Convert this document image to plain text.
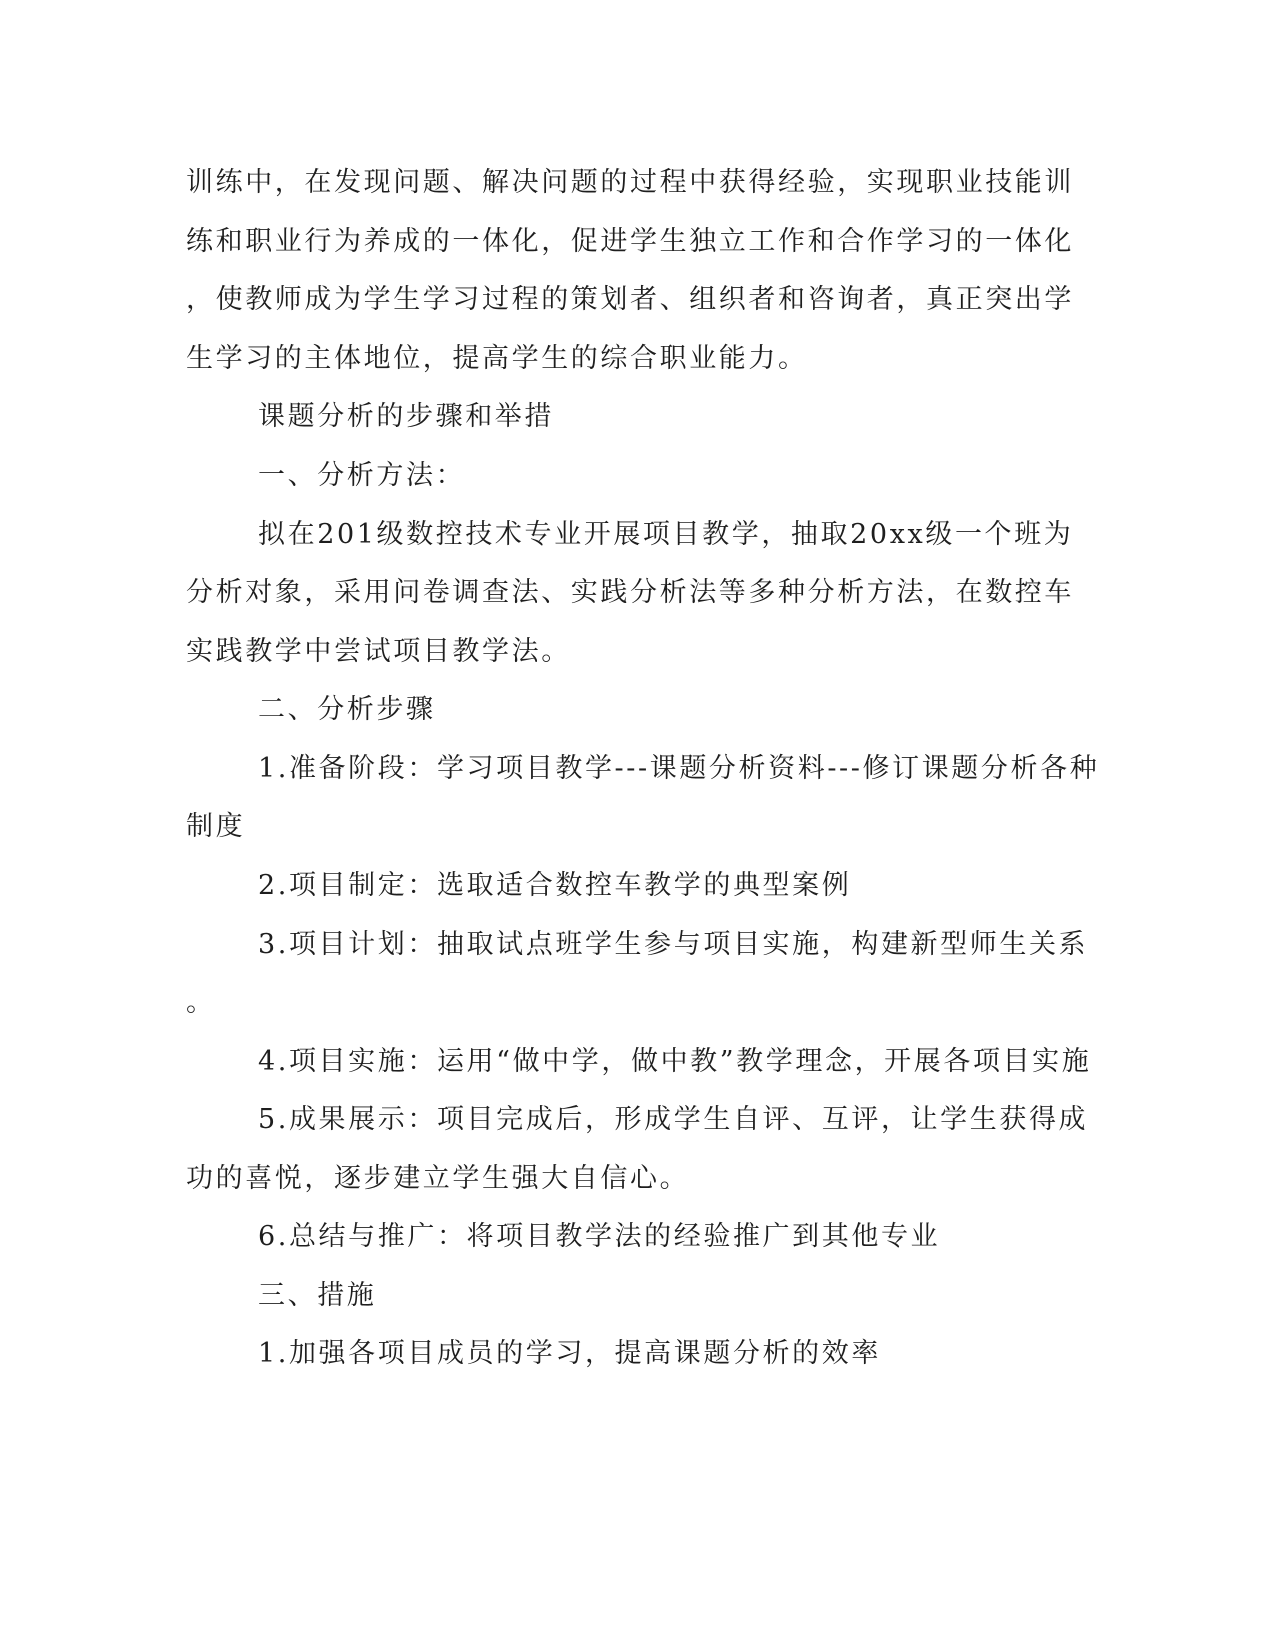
训练中，在发现问题、解决问题的过程中获得经验，实现职业技能训
练和职业行为养成的一体化，促进学生独立工作和合作学习的一体化
，使教师成为学生学习过程的策划者、组织者和咨询者，真正突出学
生学习的主体地位，提高学生的综合职业能力。
课题分析的步骤和举措
一、分析方法：
拟在201级数控技术专业开展项目教学，抽取20xx级一个班为
分析对象，采用问卷调查法、实践分析法等多种分析方法，在数控车
实践教学中尝试项目教学法。
二、分析步骤
1.准备阶段：学习项目教学---课题分析资料---修订课题分析各种
制度
2.项目制定：选取适合数控车教学的典型案例
3.项目计划：抽取试点班学生参与项目实施，构建新型师生关系
。
4.项目实施：运用“做中学，做中教”教学理念，开展各项目实施
5.成果展示：项目完成后，形成学生自评、互评，让学生获得成
功的喜悦，逐步建立学生强大自信心。
6.总结与推广：将项目教学法的经验推广到其他专业
三、措施
1.加强各项目成员的学习，提高课题分析的效率
